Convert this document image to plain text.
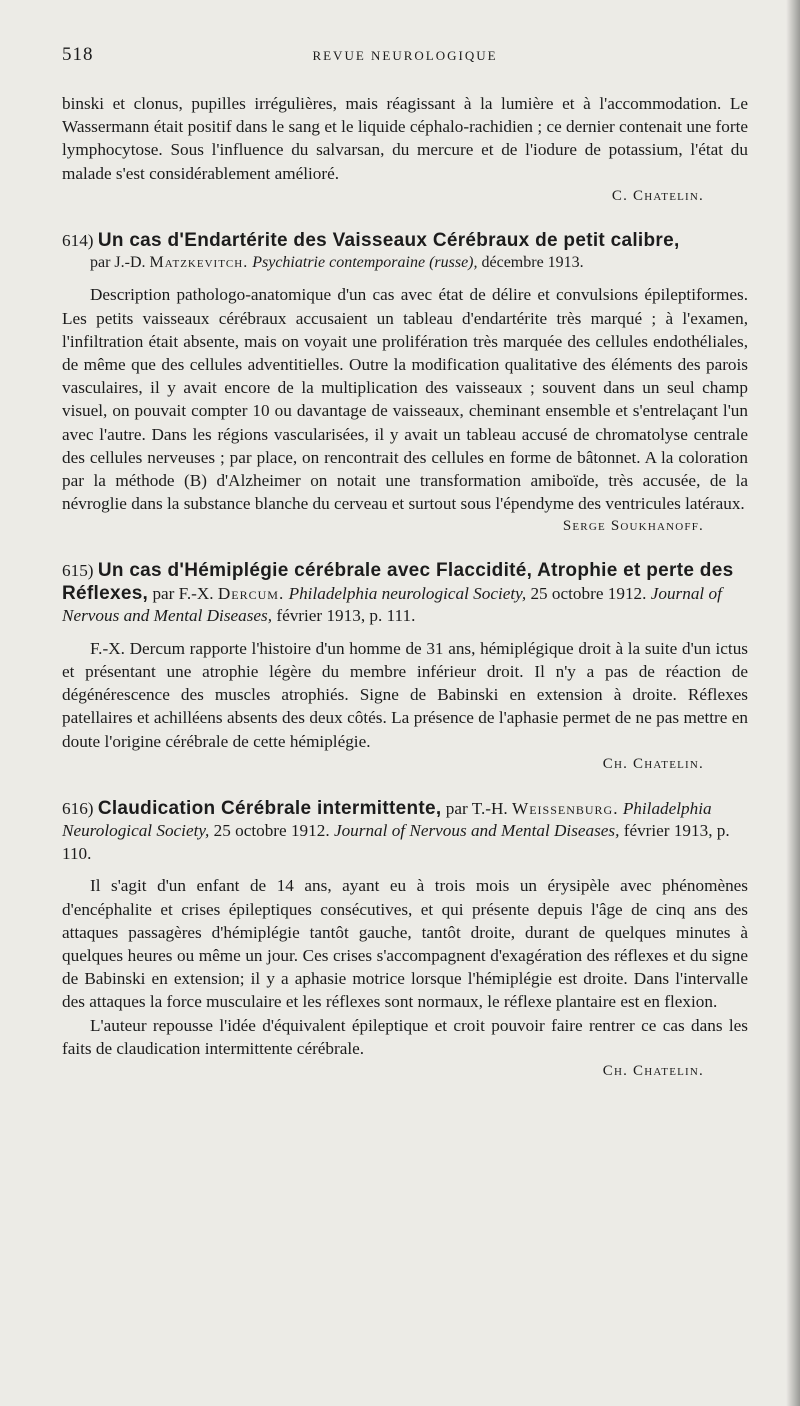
518	REVUE NEUROLOGIQUE

binski et clonus, pupilles irrégulières, mais réagissant à la lumière et à l'accommodation. Le Wassermann était positif dans le sang et le liquide céphalo-rachidien ; ce dernier contenait une forte lymphocytose. Sous l'influence du salvarsan, du mercure et de l'iodure de potassium, l'état du malade s'est considérablement amélioré.

C. Chatelin.
614) Un cas d'Endartérite des Vaisseaux Cérébraux de petit calibre,
par J.-D. Matzkevitch. Psychiatrie contemporaine (russe), décembre 1913.

Description pathologo-anatomique d'un cas avec état de délire et convulsions épileptiformes. Les petits vaisseaux cérébraux accusaient un tableau d'endartérite très marqué ; à l'examen, l'infiltration était absente, mais on voyait une prolifération très marquée des cellules endothéliales, de même que des cellules adventitielles. Outre la modification qualitative des éléments des parois vasculaires, il y avait encore de la multiplication des vaisseaux ; souvent dans un seul champ visuel, on pouvait compter 10 ou davantage de vaisseaux, cheminant ensemble et s'entrelaçant l'un avec l'autre. Dans les régions vascularisées, il y avait un tableau accusé de chromatolyse centrale des cellules nerveuses ; par place, on rencontrait des cellules en forme de bâtonnet. A la coloration par la méthode (B) d'Alzheimer on notait une transformation amiboïde, très accusée, de la névroglie dans la substance blanche du cerveau et surtout sous l'épendyme des ventricules latéraux.

Serge Soukhanoff.
615) Un cas d'Hémiplégie cérébrale avec Flaccidité, Atrophie et perte des Réflexes, par F.-X. Dercum. Philadelphia neurological Society, 25 octobre 1912. Journal of Nervous and Mental Diseases, février 1913, p. 111.

F.-X. Dercum rapporte l'histoire d'un homme de 31 ans, hémiplégique droit à la suite d'un ictus et présentant une atrophie légère du membre inférieur droit. Il n'y a pas de réaction de dégénérescence des muscles atrophiés. Signe de Babinski en extension à droite. Réflexes patellaires et achilléens absents des deux côtés. La présence de l'aphasie permet de ne pas mettre en doute l'origine cérébrale de cette hémiplégie.

Ch. Chatelin.
616) Claudication Cérébrale intermittente, par T.-H. Weissenburg. Philadelphia Neurological Society, 25 octobre 1912. Journal of Nervous and Mental Diseases, février 1913, p. 110.

Il s'agit d'un enfant de 14 ans, ayant eu à trois mois un érysipèle avec phénomènes d'encéphalite et crises épileptiques consécutives, et qui présente depuis l'âge de cinq ans des attaques passagères d'hémiplégie tantôt gauche, tantôt droite, durant de quelques minutes à quelques heures ou même un jour. Ces crises s'accompagnent d'exagération des réflexes et du signe de Babinski en extension; il y a aphasie motrice lorsque l'hémiplégie est droite. Dans l'intervalle des attaques la force musculaire et les réflexes sont normaux, le réflexe plantaire est en flexion.

L'auteur repousse l'idée d'équivalent épileptique et croit pouvoir faire rentrer ce cas dans les faits de claudication intermittente cérébrale.

Ch. Chatelin.
